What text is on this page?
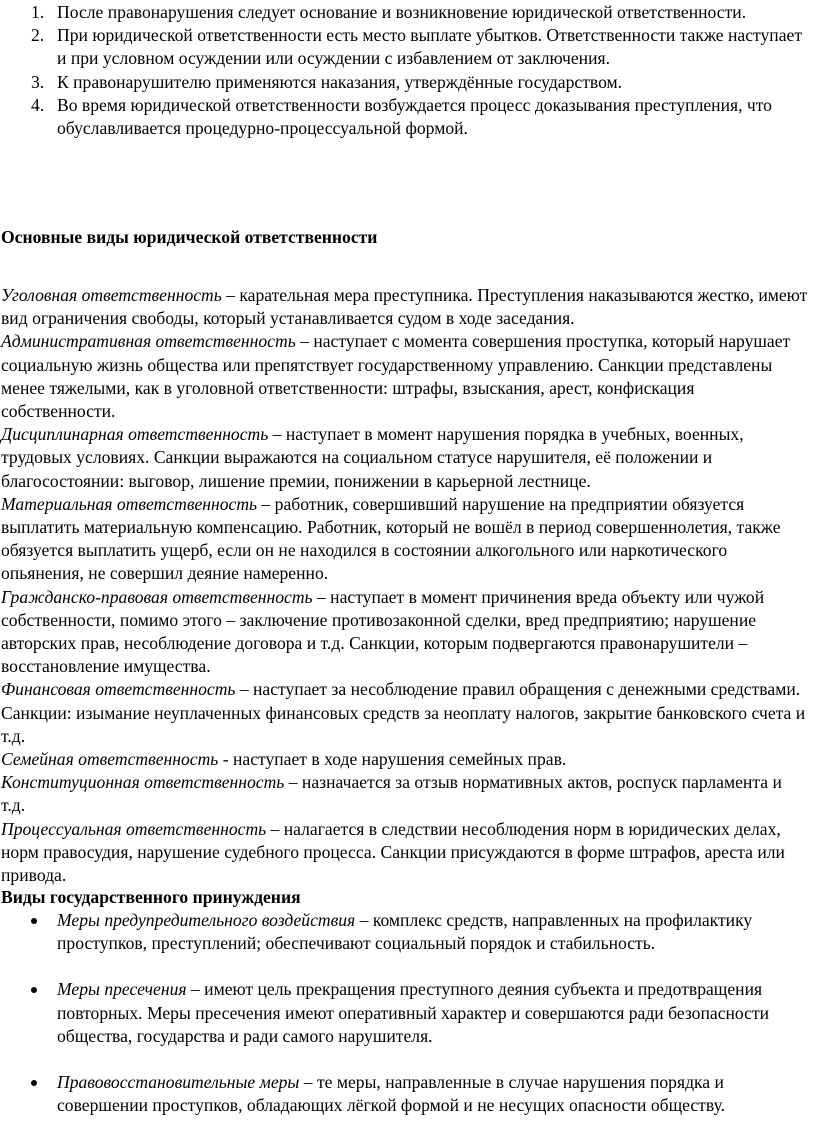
1. После правонарушения следует основание и возникновение юридической ответственности.
2. При юридической ответственности есть место выплате убытков. Ответственности также наступает и при условном осуждении или осуждении с избавлением от заключения.
3. К правонарушителю применяются наказания, утверждённые государством.
4. Во время юридической ответственности возбуждается процесс доказывания преступления, что обуславливается процедурно-процессуальной формой.
Основные виды юридической ответственности

Уголовная ответственность – карательная мера преступника. Преступления наказываются жестко, имеют вид ограничения свободы, который устанавливается судом в ходе заседания.

Административная ответственность – наступает с момента совершения проступка, который нарушает социальную жизнь общества или препятствует государственному управлению. Санкции представлены менее тяжелыми, как в уголовной ответственности: штрафы, взыскания, арест, конфискация собственности.

Дисциплинарная ответственность – наступает в момент нарушения порядка в учебных, военных, трудовых условиях. Санкции выражаются на социальном статусе нарушителя, её положении и благосостоянии: выговор, лишение премии, понижении в карьерной лестнице.

Материальная ответственность – работник, совершивший нарушение на предприятии обязуется выплатить материальную компенсацию. Работник, который не вошёл в период совершеннолетия, также обязуется выплатить ущерб, если он не находился в состоянии алкогольного или наркотического опьянения, не совершил деяние намеренно.

Гражданско-правовая ответственность – наступает в момент причинения вреда объекту или чужой собственности, помимо этого – заключение противозаконной сделки, вред предприятию; нарушение авторских прав, несоблюдение договора и т.д. Санкции, которым подвергаются правонарушители – восстановление имущества.

Финансовая ответственность – наступает за несоблюдение правил обращения с денежными средствами. Санкции: изымание неуплаченных финансовых средств за неоплату налогов, закрытие банковского счета и т.д.

Семейная ответственность - наступает в ходе нарушения семейных прав.

Конституционная ответственность – назначается за отзыв нормативных актов, роспуск парламента и т.д.

Процессуальная ответственность – налагается в следствии несоблюдения норм в юридических делах, норм правосудия, нарушение судебного процесса. Санкции присуждаются в форме штрафов, ареста или привода.

Виды государственного принуждения
Меры предупредительного воздействия – комплекс средств, направленных на профилактику проступков, преступлений; обеспечивают социальный порядок и стабильность.
Меры пресечения – имеют цель прекращения преступного деяния субъекта и предотвращения повторных. Меры пресечения имеют оперативный характер и совершаются ради безопасности общества, государства и ради самого нарушителя.
Правовосстановительные меры – те меры, направленные в случае нарушения порядка и совершении проступков, обладающих лёгкой формой и не несущих опасности обществу.
